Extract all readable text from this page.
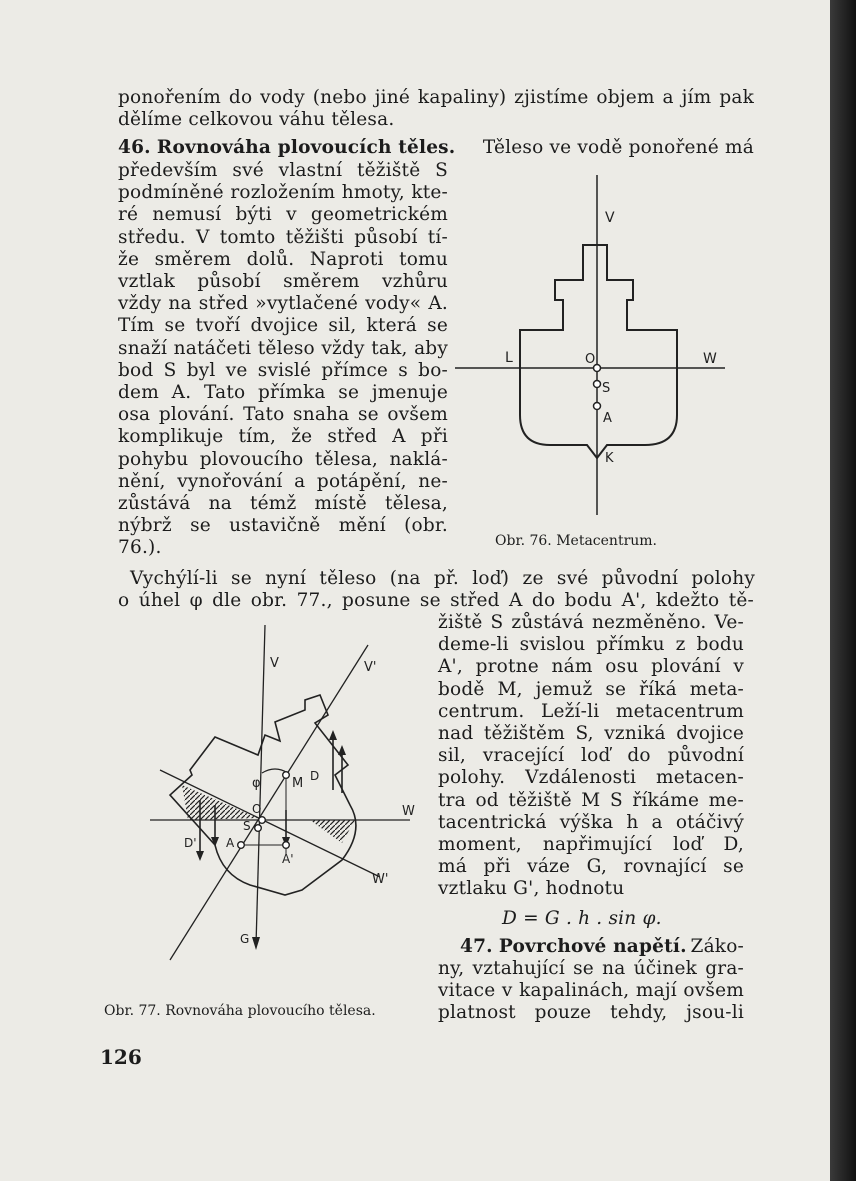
ponořením do vody (nebo jiné kapaliny) zjistíme objem a jím pak
dělíme celkovou váhu tělesa.
46. Rovnováha plovoucích těles. Těleso ve vodě ponořené má
především své vlastní těžiště S
podmíněné rozložením hmoty, kte-
ré nemusí býti v geometrickém
středu. V tomto těžišti působí tí-
že směrem dolů. Naproti tomu
vztlak působí směrem vzhůru
vždy na střed »vytlačené vody« A.
Tím se tvoří dvojice sil, která se
snaží natáčeti těleso vždy tak, aby
bod S byl ve svislé přímce s bo-
dem A. Tato přímka se jmenuje
osa plování. Tato snaha se ovšem
komplikuje tím, že střed A při
pohybu plovoucího tělesa, naklá-
nění, vynořování a potápění, ne-
zůstává na témž místě tělesa,
nýbrž se ustavičně mění (obr.
76.).
V
L	W
O
S
A
K
Obr. 76. Metacentrum.
Vychýlí-li se nyní těleso (na př. loď) ze své původní polohy
o úhel φ dle obr. 77., posune se střed A do bodu A', kdežto tě-
žiště S zůstává nezměněno. Ve-
deme-li svislou přímku z bodu
A', protne nám osu plování v
bodě M, jemuž se říká meta-
centrum. Leží-li metacentrum
nad těžištěm S, vzniká dvojice
sil, vracející loď do původní
polohy. Vzdálenosti metacen-
tra od těžiště M S říkáme me-
tacentrická výška h a otáčivý
moment, napřimující loď D,
má při váze G, rovnající se
vztlaku G', hodnotu
D = G . h . sin φ.
47. Povrchové napětí. Záko-
ny, vztahující se na účinek gra-
vitace v kapalinách, mají ovšem
platnost pouze tehdy, jsou-li
V	V'
W
W'
M
φ
O
S
A
A'
D
D'
G
Obr. 77. Rovnováha plovoucího tělesa.
126
